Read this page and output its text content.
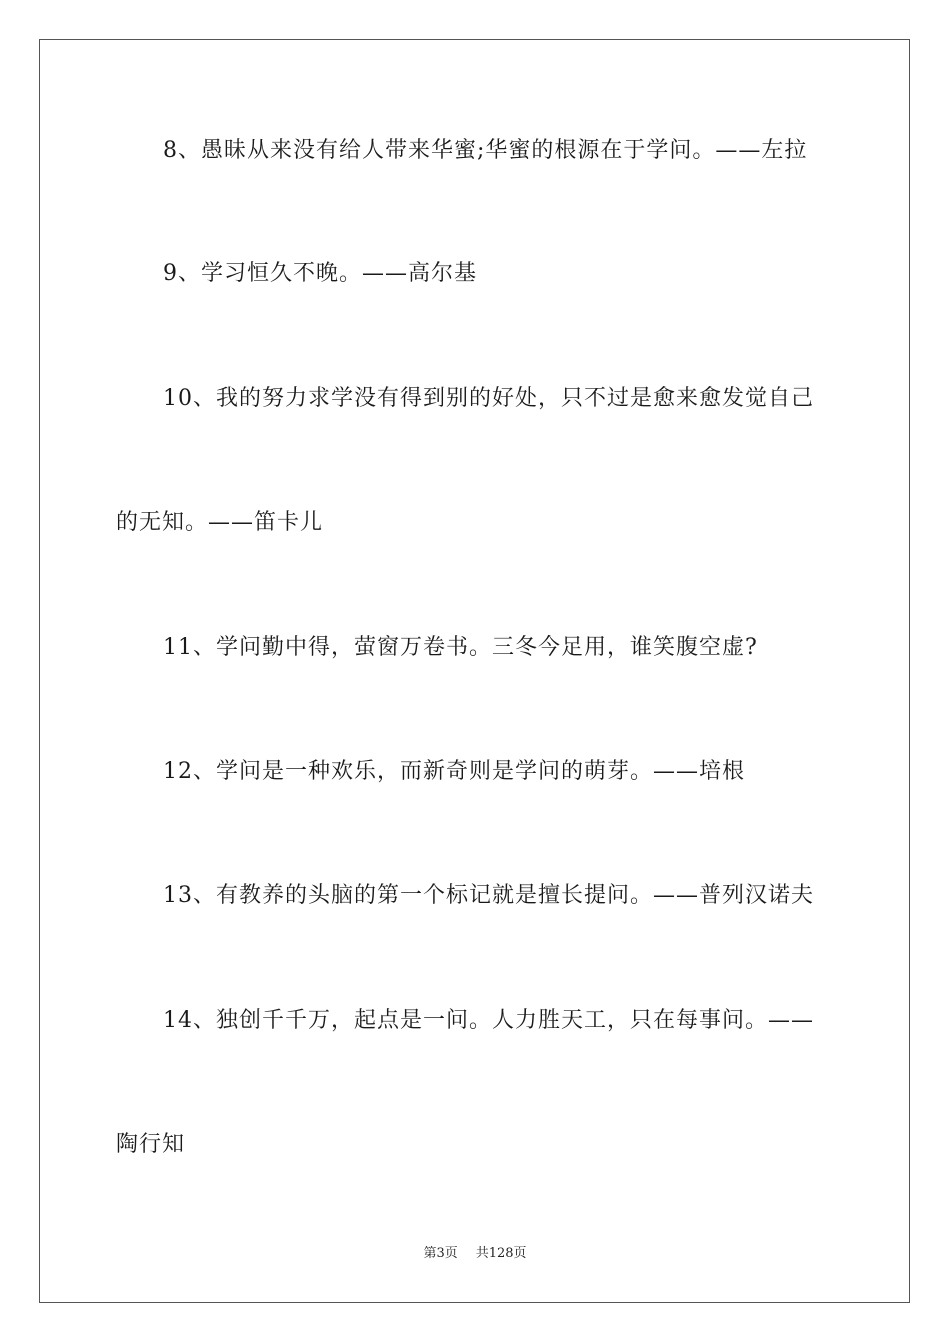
8、愚昧从来没有给人带来华蜜;华蜜的根源在于学问。——左拉
9、学习恒久不晚。——高尔基
10、我的努力求学没有得到别的好处，只不过是愈来愈发觉自己
的无知。——笛卡儿
11、学问勤中得，萤窗万卷书。三冬今足用，谁笑腹空虚?
12、学问是一种欢乐，而新奇则是学问的萌芽。——培根
13、有教养的头脑的第一个标记就是擅长提问。——普列汉诺夫
14、独创千千万，起点是一问。人力胜天工，只在每事问。——
陶行知
第3页 共128页
